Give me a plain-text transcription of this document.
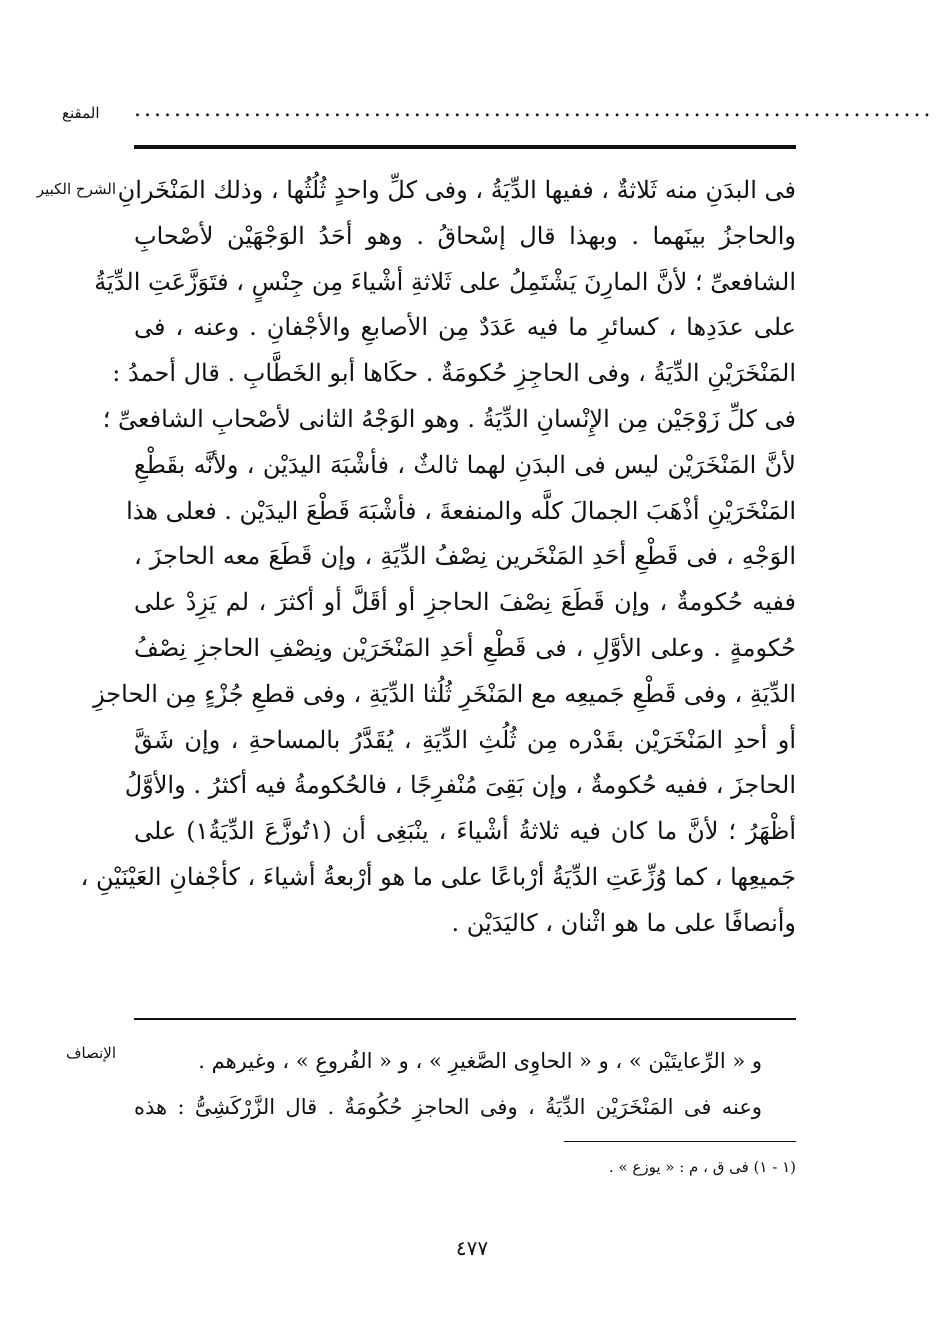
المقنع ................................................................................
الشرح الكبير فى البدَنِ منه ثَلاثةٌ ، ففيها الدِّيَةُ ، وفى كلِّ واحدٍ ثُلُثُها ، وذلك المَنْخَرانِ
والحاجزُ بينَهما . وبهذا قال إسْحاقُ . وهو أحَدُ الوَجْهَيْن لأصْحابِ
الشافعىِّ ؛ لأنَّ المارِنَ يَشْتَمِلُ على ثَلاثةِ أشْياءَ مِن جِنْسٍ ، فتَوَزَّعَتِ الدِّيَةُ
على عدَدِها ، كسائرِ ما فيه عَدَدٌ مِن الأصابعِ والأجْفانِ . وعنه ، فى
المَنْخَرَيْنِ الدِّيَةُ ، وفى الحاجِزِ حُكومَةٌ . حكَاها أبو الخَطَّابِ . قال أحمدُ :
فى كلِّ زَوْجَيْن مِن الإِنْسانِ الدِّيَةُ . وهو الوَجْهُ الثانى لأصْحابِ الشافعىِّ ؛
لأنَّ المَنْخَرَيْن ليس فى البدَنِ لهما ثالثٌ ، فأشْبَهَ اليدَيْن ، ولأنَّه بقَطْعِ
المَنْخَرَيْنِ أذْهَبَ الجمالَ كلَّه والمنفعةَ ، فأشْبَهَ قَطْعَ اليدَيْن . فعلى هذا
الوَجْهِ ، فى قَطْعِ أحَدِ المَنْخَرين نِصْفُ الدِّيَةِ ، وإن قَطَعَ معه الحاجزَ ،
ففيه حُكومةٌ ، وإن قَطَعَ نِصْفَ الحاجزِ أو أقَلَّ أو أكثرَ ، لم يَزِدْ على
حُكومةٍ . وعلى الأوَّلِ ، فى قَطْعِ أحَدِ المَنْخَرَيْن ونِصْفِ الحاجزِ نِصْفُ
الدِّيَةِ ، وفى قَطْعِ جَميعِه مع المَنْخَرِ ثُلُثا الدِّيَةِ ، وفى قطعِ جُزْءٍ مِن الحاجزِ
أو أحدِ المَنْخَرَيْن بقَدْره مِن ثُلُثِ الدِّيَةِ ، يُقَدَّرُ بالمساحةِ ، وإن شَقَّ
الحاجزَ ، ففيه حُكومةٌ ، وإن بَقِىَ مُنْفرِجًا ، فالحُكومةُ فيه أكثرُ . والأوَّلُ
أظْهَرُ ؛ لأنَّ ما كان فيه ثلاثةُ أشْياءَ ، ينْبَغِى أن (١تُوزَّعَ الدِّيَةُ١) على
جَميعِها ، كما وُزِّعَتِ الدِّيَةُ أرْباعًا على ما هو أرْبعةُ أشياءَ ، كأجْفانِ العَيْنَيْنِ ،
وأنصافًا على ما هو اثْنان ، كاليَدَيْن .
الإنصاف	و « الرِّعايتَيْن » ، و « الحاوِى الصَّغيرِ » ، و « الفُروعِ » ، وغيرهم .
وعنه فى المَنْخَرَيْن الدِّيَةُ ، وفى الحاجزِ حُكُومَةٌ . قال الزَّرْكَشِىُّ : هذه
(١ - ١) فى ق ، م : « يوزع » .
٤٧٧
